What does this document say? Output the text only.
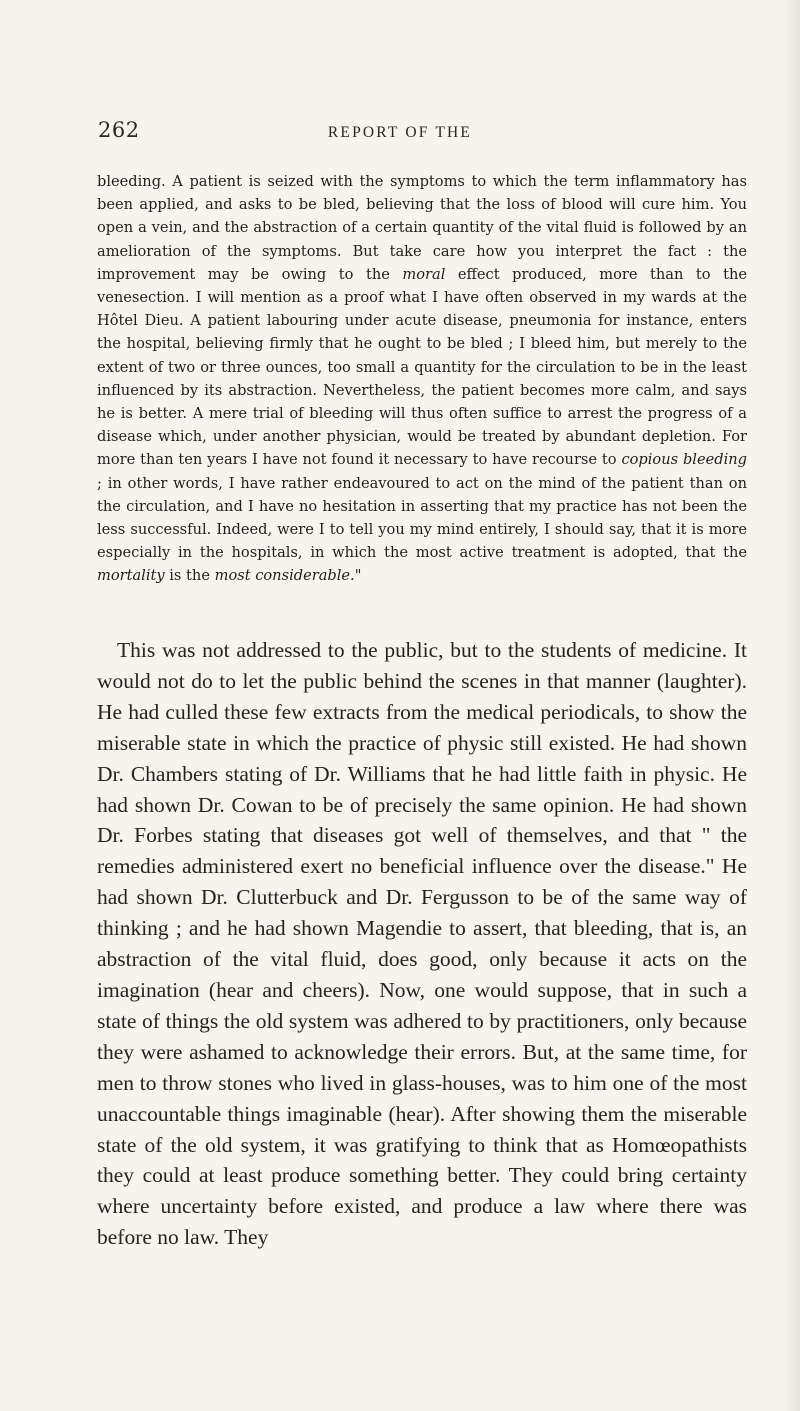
262	REPORT OF THE

bleeding. A patient is seized with the symptoms to which the term inflammatory has been applied, and asks to be bled, believing that the loss of blood will cure him. You open a vein, and the abstraction of a certain quantity of the vital fluid is followed by an amelioration of the symptoms. But take care how you interpret the fact : the improvement may be owing to the moral effect produced, more than to the venesection. I will mention as a proof what I have often observed in my wards at the Hôtel Dieu. A patient labouring under acute disease, pneumonia for instance, enters the hospital, believing firmly that he ought to be bled ; I bleed him, but merely to the extent of two or three ounces, too small a quantity for the circulation to be in the least influenced by its abstraction. Nevertheless, the patient becomes more calm, and says he is better. A mere trial of bleeding will thus often suffice to arrest the progress of a disease which, under another physician, would be treated by abundant depletion. For more than ten years I have not found it necessary to have recourse to copious bleeding ; in other words, I have rather endeavoured to act on the mind of the patient than on the circulation, and I have no hesitation in asserting that my practice has not been the less successful. Indeed, were I to tell you my mind entirely, I should say, that it is more especially in the hospitals, in which the most active treatment is adopted, that the mortality is the most considerable."

This was not addressed to the public, but to the students of medicine. It would not do to let the public behind the scenes in that manner (laughter). He had culled these few extracts from the medical periodicals, to show the miserable state in which the practice of physic still existed. He had shown Dr. Chambers stating of Dr. Williams that he had little faith in physic. He had shown Dr. Cowan to be of precisely the same opinion. He had shown Dr. Forbes stating that diseases got well of themselves, and that " the remedies administered exert no beneficial influence over the disease." He had shown Dr. Clutterbuck and Dr. Fergusson to be of the same way of thinking ; and he had shown Magendie to assert, that bleeding, that is, an abstraction of the vital fluid, does good, only because it acts on the imagination (hear and cheers). Now, one would suppose, that in such a state of things the old system was adhered to by practitioners, only because they were ashamed to acknowledge their errors. But, at the same time, for men to throw stones who lived in glass-houses, was to him one of the most unaccountable things imaginable (hear). After showing them the miserable state of the old system, it was gratifying to think that as Homœopathists they could at least produce something better. They could bring certainty where uncertainty before existed, and produce a law where there was before no law. They
